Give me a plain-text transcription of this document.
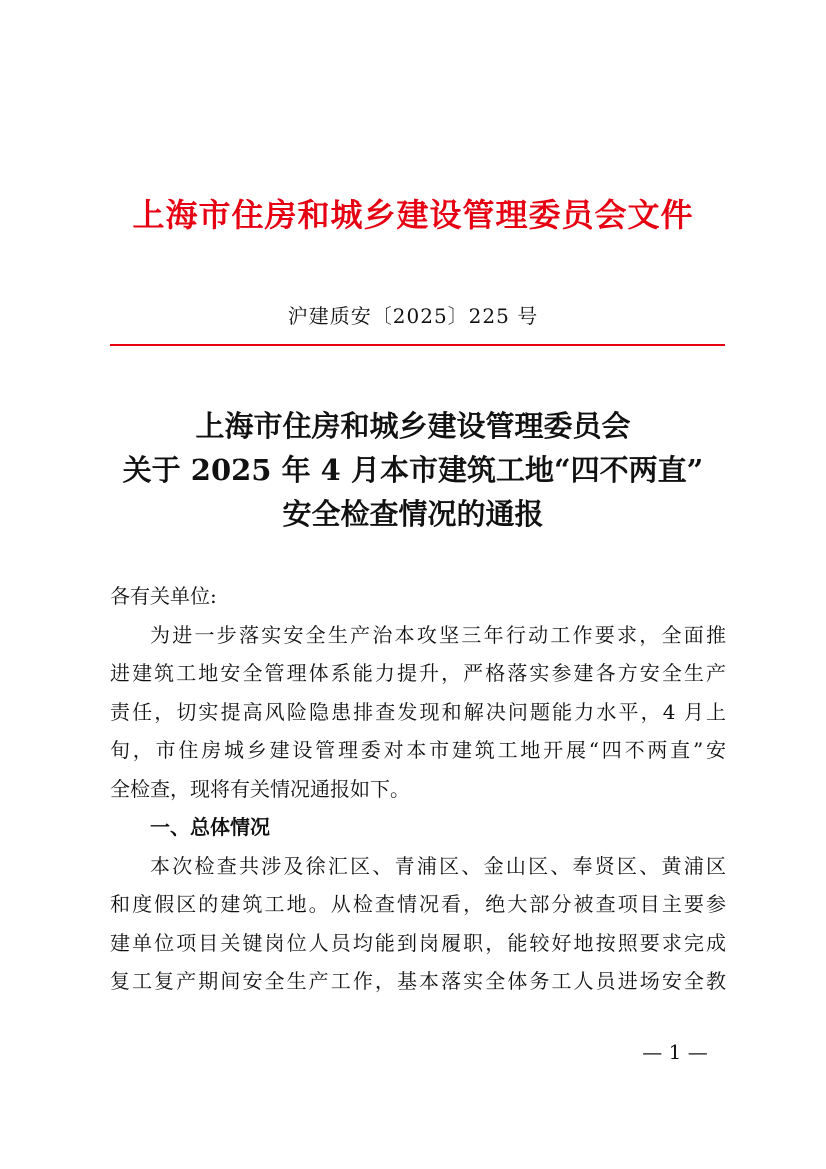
上海市住房和城乡建设管理委员会文件
沪建质安〔2025〕225 号
上海市住房和城乡建设管理委员会
关于 2025 年 4 月本市建筑工地“四不两直”
安全检查情况的通报
各有关单位:
为进一步落实安全生产治本攻坚三年行动工作要求，全面推
进建筑工地安全管理体系能力提升，严格落实参建各方安全生产
责任，切实提高风险隐患排查发现和解决问题能力水平，4 月上
旬，市住房城乡建设管理委对本市建筑工地开展“四不两直”安
全检查，现将有关情况通报如下。
一、总体情况
本次检查共涉及徐汇区、青浦区、金山区、奉贤区、黄浦区
和度假区的建筑工地。从检查情况看，绝大部分被查项目主要参
建单位项目关键岗位人员均能到岗履职，能较好地按照要求完成
复工复产期间安全生产工作，基本落实全体务工人员进场安全教
— 1 —
